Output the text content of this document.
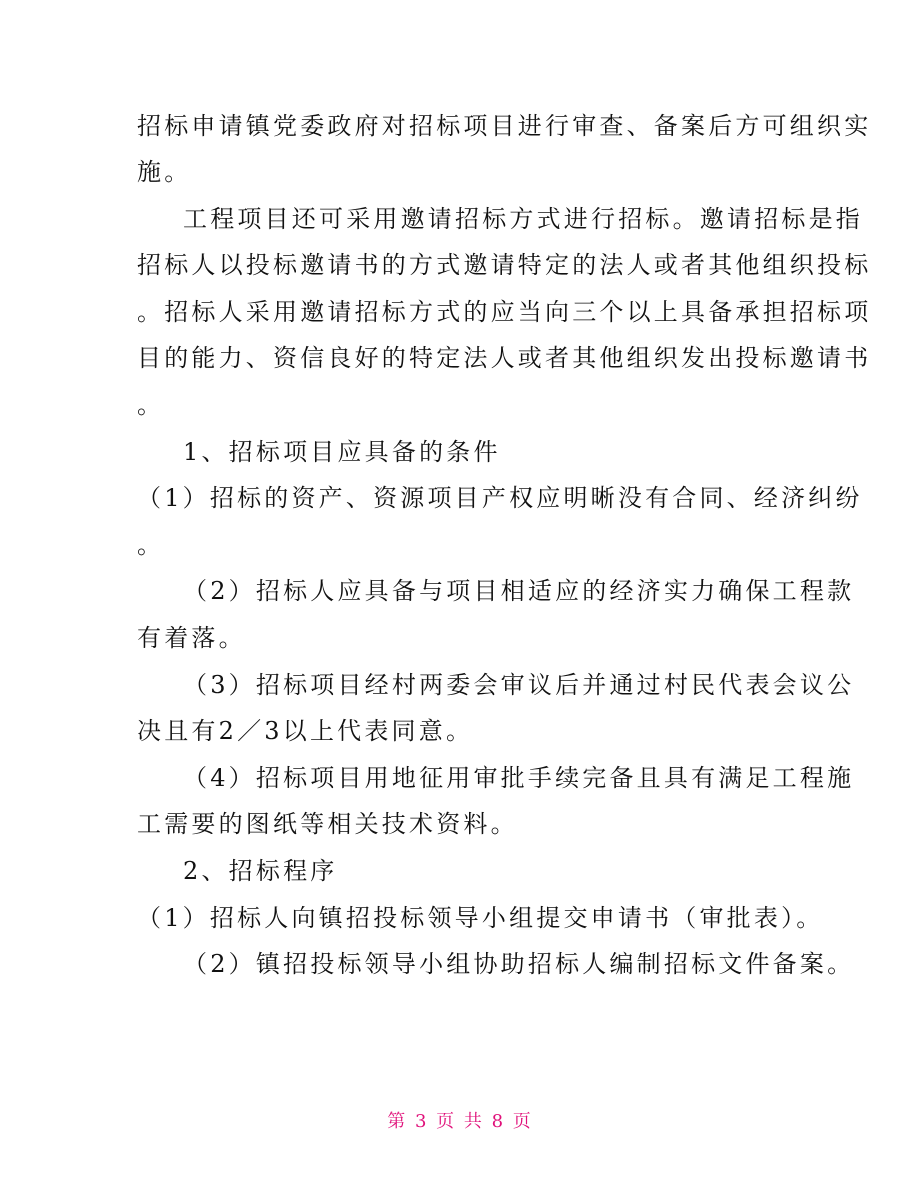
招标申请镇党委政府对招标项目进行审查、备案后方可组织实
施。
工程项目还可采用邀请招标方式进行招标。邀请招标是指
招标人以投标邀请书的方式邀请特定的法人或者其他组织投标
。招标人采用邀请招标方式的应当向三个以上具备承担招标项
目的能力、资信良好的特定法人或者其他组织发出投标邀请书
。
1、招标项目应具备的条件
（1）招标的资产、资源项目产权应明晰没有合同、经济纠纷
。
（2）招标人应具备与项目相适应的经济实力确保工程款
有着落。
（3）招标项目经村两委会审议后并通过村民代表会议公
决且有2／3以上代表同意。
（4）招标项目用地征用审批手续完备且具有满足工程施
工需要的图纸等相关技术资料。
2、招标程序
（1）招标人向镇招投标领导小组提交申请书（审批表）。
（2）镇招投标领导小组协助招标人编制招标文件备案。
第 3 页 共 8 页
